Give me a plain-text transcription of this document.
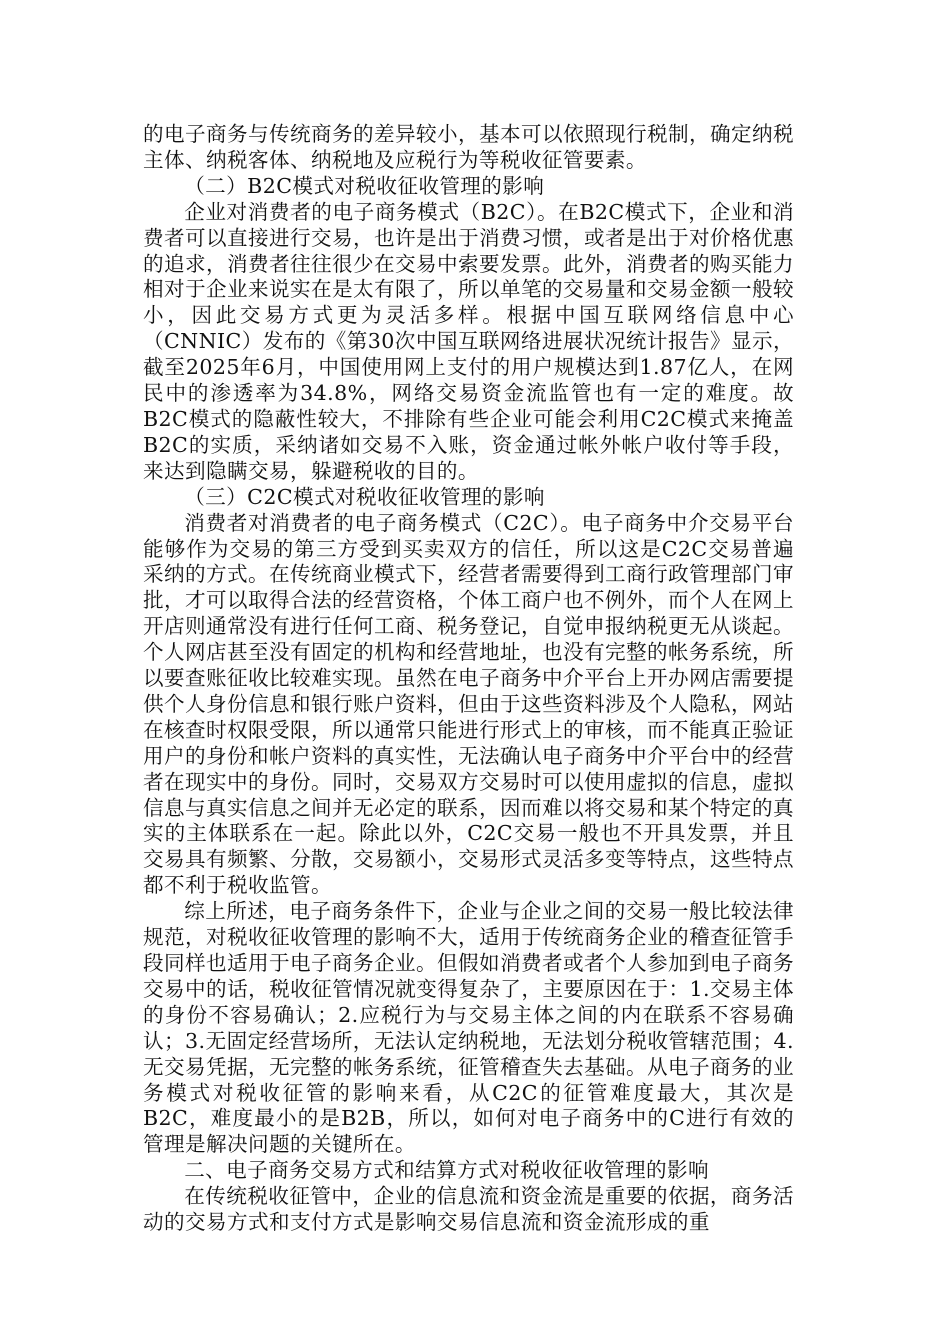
的电子商务与传统商务的差异较小，基本可以依照现行税制，确定纳税主体、纳税客体、纳税地及应税行为等税收征管要素。

（二）B2C模式对税收征收管理的影响

企业对消费者的电子商务模式（B2C）。在B2C模式下，企业和消费者可以直接进行交易，也许是出于消费习惯，或者是出于对价格优惠的追求，消费者往往很少在交易中索要发票。此外，消费者的购买能力相对于企业来说实在是太有限了，所以单笔的交易量和交易金额一般较小，因此交易方式更为灵活多样。根据中国互联网络信息中心（CNNIC）发布的《第30次中国互联网络进展状况统计报告》显示，截至2025年6月，中国使用网上支付的用户规模达到1.87亿人，在网民中的渗透率为34.8%，网络交易资金流监管也有一定的难度。故B2C模式的隐蔽性较大，不排除有些企业可能会利用C2C模式来掩盖B2C的实质，采纳诸如交易不入账，资金通过帐外帐户收付等手段，来达到隐瞒交易，躲避税收的目的。

（三）C2C模式对税收征收管理的影响

消费者对消费者的电子商务模式（C2C）。电子商务中介交易平台能够作为交易的第三方受到买卖双方的信任，所以这是C2C交易普遍采纳的方式。在传统商业模式下，经营者需要得到工商行政管理部门审批，才可以取得合法的经营资格，个体工商户也不例外，而个人在网上开店则通常没有进行任何工商、税务登记，自觉申报纳税更无从谈起。个人网店甚至没有固定的机构和经营地址，也没有完整的帐务系统，所以要查账征收比较难实现。虽然在电子商务中介平台上开办网店需要提供个人身份信息和银行账户资料，但由于这些资料涉及个人隐私，网站在核查时权限受限，所以通常只能进行形式上的审核，而不能真正验证用户的身份和帐户资料的真实性，无法确认电子商务中介平台中的经营者在现实中的身份。同时，交易双方交易时可以使用虚拟的信息，虚拟信息与真实信息之间并无必定的联系，因而难以将交易和某个特定的真实的主体联系在一起。除此以外，C2C交易一般也不开具发票，并且交易具有频繁、分散，交易额小，交易形式灵活多变等特点，这些特点都不利于税收监管。

综上所述，电子商务条件下，企业与企业之间的交易一般比较法律规范，对税收征收管理的影响不大，适用于传统商务企业的稽查征管手段同样也适用于电子商务企业。但假如消费者或者个人参加到电子商务交易中的话，税收征管情况就变得复杂了，主要原因在于：1.交易主体的身份不容易确认；2.应税行为与交易主体之间的内在联系不容易确认；3.无固定经营场所，无法认定纳税地，无法划分税收管辖范围；4.无交易凭据，无完整的帐务系统，征管稽查失去基础。从电子商务的业务模式对税收征管的影响来看，从C2C的征管难度最大，其次是B2C，难度最小的是B2B，所以，如何对电子商务中的C进行有效的管理是解决问题的关键所在。

二、电子商务交易方式和结算方式对税收征收管理的影响

在传统税收征管中，企业的信息流和资金流是重要的依据，商务活动的交易方式和支付方式是影响交易信息流和资金流形成的重
